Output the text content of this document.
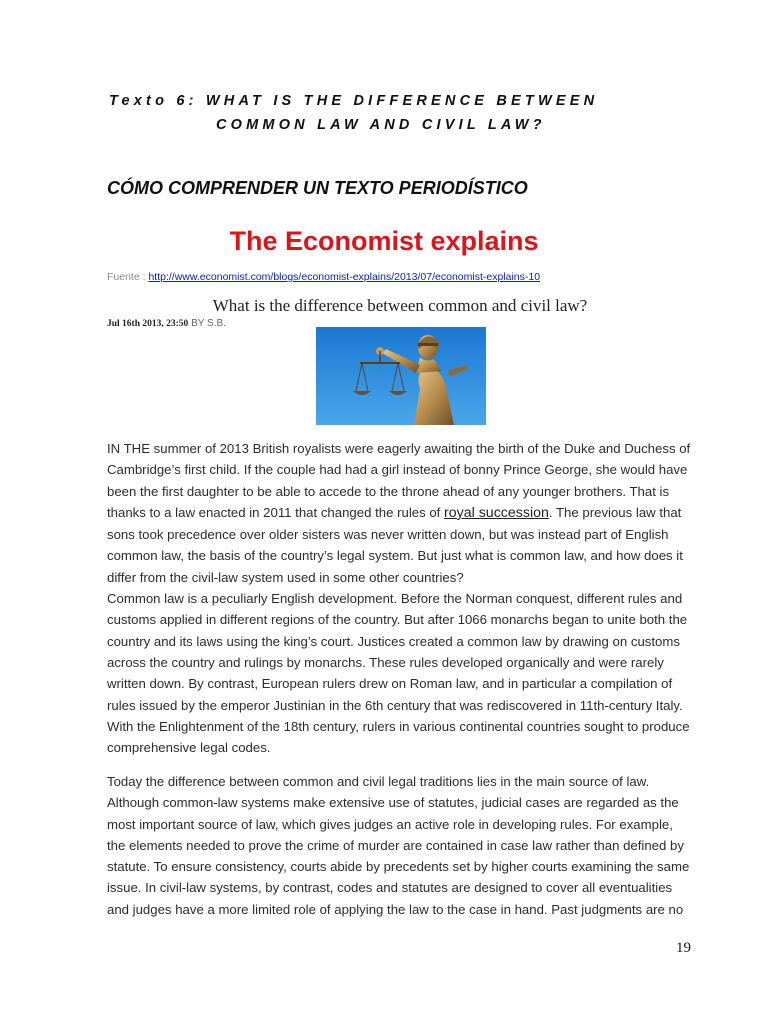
Texto 6: WHAT IS THE DIFFERENCE BETWEEN
COMMON LAW AND CIVIL LAW?
CÓMO COMPRENDER UN TEXTO PERIODÍSTICO
The Economist explains
Fuente : http://www.economist.com/blogs/economist-explains/2013/07/economist-explains-10
What is the difference between common and civil law?
Jul 16th 2013, 23:50 BY S.B.
IN THE summer of 2013 British royalists were eagerly awaiting the birth of the Duke and Duchess of
Cambridge’s first child. If the couple had had a girl instead of bonny Prince George, she would have
been the first daughter to be able to accede to the throne ahead of any younger brothers. That is
thanks to a law enacted in 2011 that changed the rules of royal succession. The previous law that
sons took precedence over older sisters was never written down, but was instead part of English
common law, the basis of the country’s legal system. But just what is common law, and how does it
differ from the civil-law system used in some other countries?
Common law is a peculiarly English development. Before the Norman conquest, different rules and
customs applied in different regions of the country. But after 1066 monarchs began to unite both the
country and its laws using the king’s court. Justices created a common law by drawing on customs
across the country and rulings by monarchs. These rules developed organically and were rarely
written down. By contrast, European rulers drew on Roman law, and in particular a compilation of
rules issued by the emperor Justinian in the 6th century that was rediscovered in 11th-century Italy.
With the Enlightenment of the 18th century, rulers in various continental countries sought to produce
comprehensive legal codes.
Today the difference between common and civil legal traditions lies in the main source of law.
Although common-law systems make extensive use of statutes, judicial cases are regarded as the
most important source of law, which gives judges an active role in developing rules. For example,
the elements needed to prove the crime of murder are contained in case law rather than defined by
statute. To ensure consistency, courts abide by precedents set by higher courts examining the same
issue. In civil-law systems, by contrast, codes and statutes are designed to cover all eventualities
and judges have a more limited role of applying the law to the case in hand. Past judgments are no
19
